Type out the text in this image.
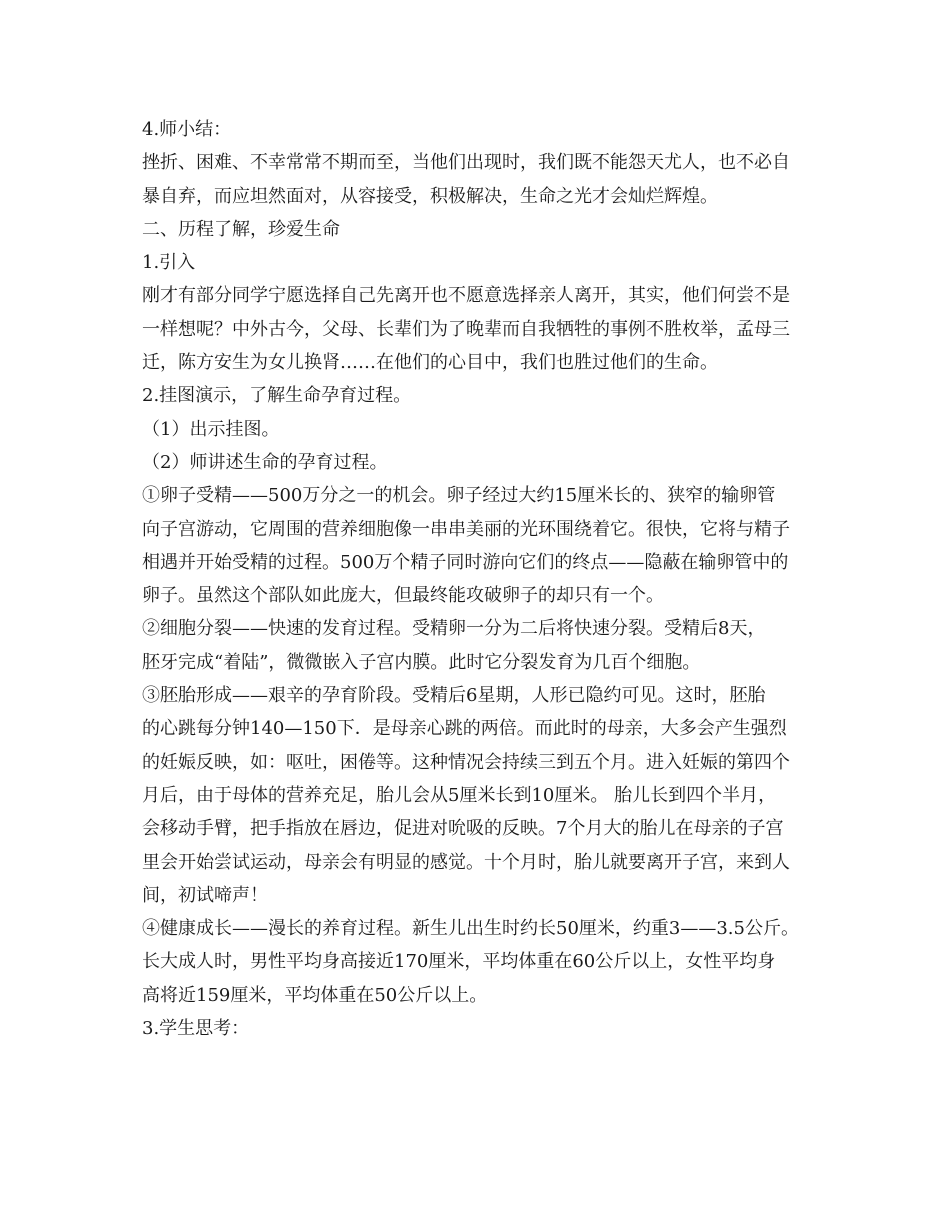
4.师小结：

挫折、困难、不幸常常不期而至，当他们出现时，我们既不能怨天尤人，也不必自

暴自弃，而应坦然面对，从容接受，积极解决，生命之光才会灿烂辉煌。

二、历程了解，珍爱生命

1.引入

刚才有部分同学宁愿选择自己先离开也不愿意选择亲人离开，其实，他们何尝不是

一样想呢？中外古今，父母、长辈们为了晚辈而自我牺牲的事例不胜枚举，孟母三

迁，陈方安生为女儿换肾……在他们的心目中，我们也胜过他们的生命。

2.挂图演示，了解生命孕育过程。

（1）出示挂图。

（2）师讲述生命的孕育过程。

①卵子受精——500万分之一的机会。卵子经过大约15厘米长的、狭窄的输卵管

向子宫游动，它周围的营养细胞像一串串美丽的光环围绕着它。很快，它将与精子

相遇并开始受精的过程。500万个精子同时游向它们的终点——隐蔽在输卵管中的

卵子。虽然这个部队如此庞大，但最终能攻破卵子的却只有一个。

②细胞分裂——快速的发育过程。受精卵一分为二后将快速分裂。受精后8天，

胚牙完成“着陆”，微微嵌入子宫内膜。此时它分裂发育为几百个细胞。

③胚胎形成——艰辛的孕育阶段。受精后6星期，人形已隐约可见。这时，胚胎

的心跳每分钟140—150下．是母亲心跳的两倍。而此时的母亲，大多会产生强烈

的妊娠反映，如：呕吐，困倦等。这种情况会持续三到五个月。进入妊娠的第四个

月后，由于母体的营养充足，胎儿会从5厘米长到10厘米。 胎儿长到四个半月，

会移动手臂，把手指放在唇边，促进对吮吸的反映。7个月大的胎儿在母亲的子宫

里会开始尝试运动，母亲会有明显的感觉。十个月时，胎儿就要离开子宫，来到人

间，初试啼声！

④健康成长——漫长的养育过程。新生儿出生时约长50厘米，约重3——3.5公斤。

长大成人时，男性平均身高接近170厘米，平均体重在60公斤以上，女性平均身

高将近159厘米，平均体重在50公斤以上。

3.学生思考：
